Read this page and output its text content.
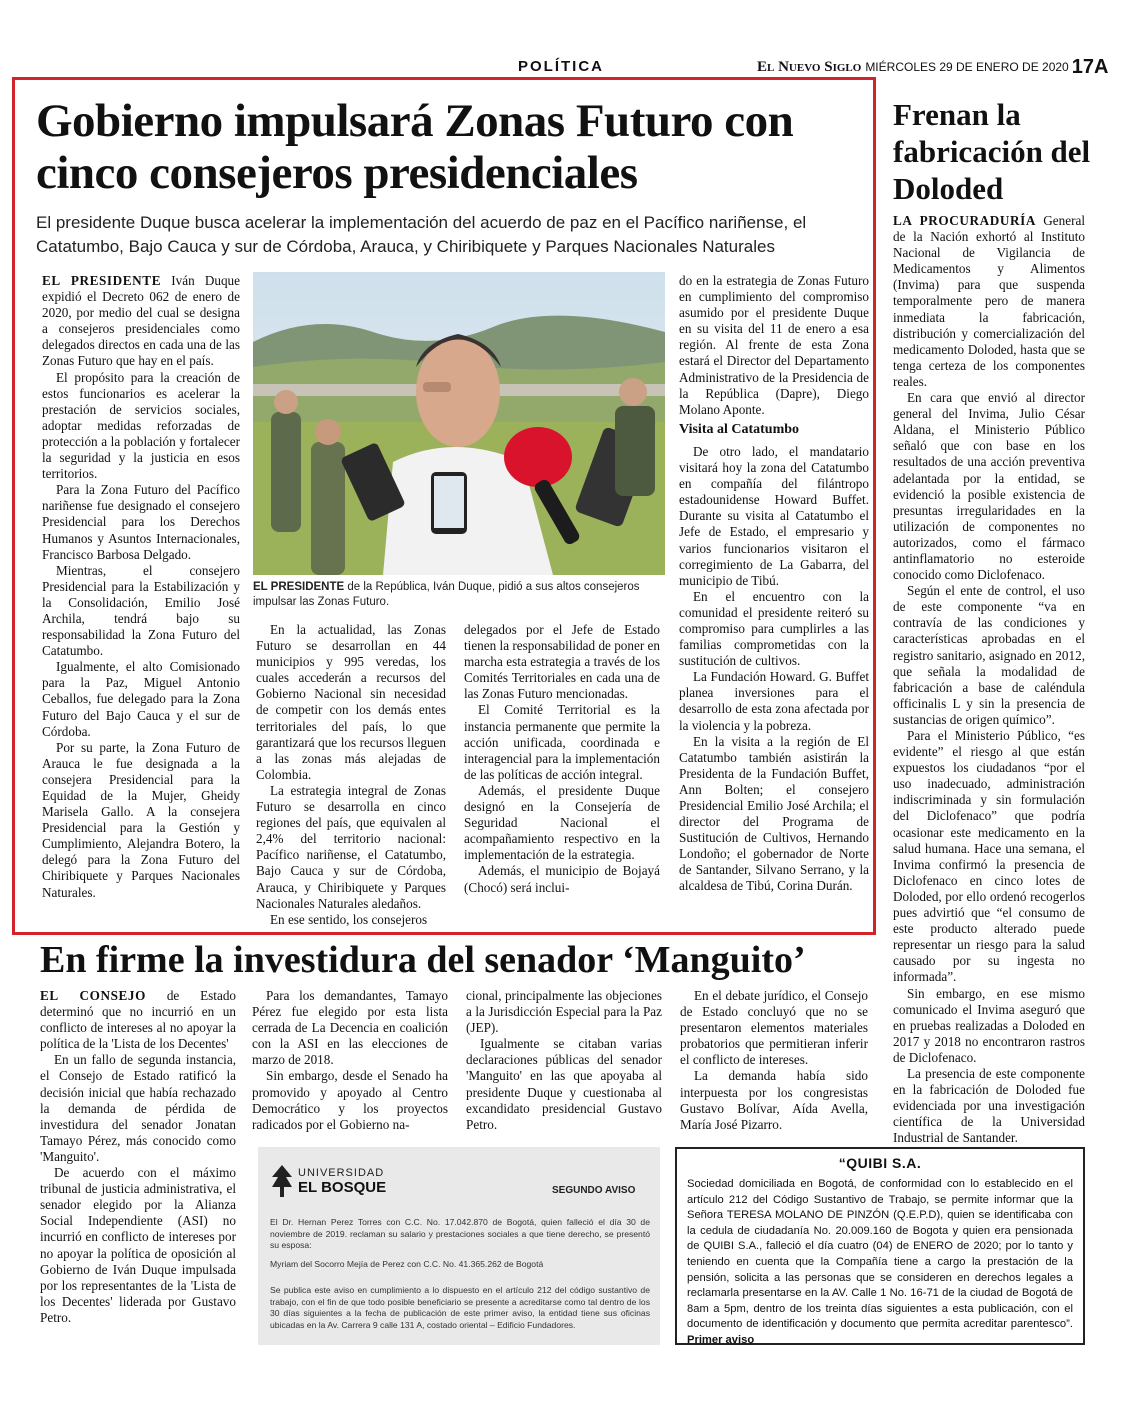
POLÍTICA	El Nuevo Siglo MIÉRCOLES 29 DE ENERO DE 2020 17A
Gobierno impulsará Zonas Futuro con cinco consejeros presidenciales
El presidente Duque busca acelerar la implementación del acuerdo de paz en el Pacífico nariñense, el Catatumbo, Bajo Cauca y sur de Córdoba, Arauca, y Chiribiquete y Parques Nacionales Naturales

EL PRESIDENTE Iván Duque expidió el Decreto 062 de enero de 2020, por medio del cual se designa a consejeros presidenciales como delegados directos en cada una de las Zonas Futuro que hay en el país.

El propósito para la creación de estos funcionarios es acelerar la prestación de servicios sociales, adoptar medidas reforzadas de protección a la población y fortalecer la seguridad y la justicia en esos territorios.

Para la Zona Futuro del Pacífico nariñense fue designado el consejero Presidencial para los Derechos Humanos y Asuntos Internacionales, Francisco Barbosa Delgado.

Mientras, el consejero Presidencial para la Estabilización y la Consolidación, Emilio José Archila, tendrá bajo su responsabilidad la Zona Futuro del Catatumbo.

Igualmente, el alto Comisionado para la Paz, Miguel Antonio Ceballos, fue delegado para la Zona Futuro del Bajo Cauca y el sur de Córdoba.

Por su parte, la Zona Futuro de Arauca le fue designada a la consejera Presidencial para la Equidad de la Mujer, Gheidy Marisela Gallo. A la consejera Presidencial para la Gestión y Cumplimiento, Alejandra Botero, la delegó para la Zona Futuro del Chiribiquete y Parques Nacionales Naturales.

EL PRESIDENTE de la República, Iván Duque, pidió a sus altos consejeros impulsar las Zonas Futuro.

En la actualidad, las Zonas Futuro se desarrollan en 44 municipios y 995 veredas, los cuales accederán a recursos del Gobierno Nacional sin necesidad de competir con los demás entes territoriales del país, lo que garantizará que los recursos lleguen a las zonas más alejadas de Colombia.

La estrategia integral de Zonas Futuro se desarrolla en cinco regiones del país, que equivalen al 2,4% del territorio nacional: Pacífico nariñense, el Catatumbo, Bajo Cauca y sur de Córdoba, Arauca, y Chiribiquete y Parques Nacionales Naturales aledaños.

En ese sentido, los consejeros

delegados por el Jefe de Estado tienen la responsabilidad de poner en marcha esta estrategia a través de los Comités Territoriales en cada una de las Zonas Futuro mencionadas.

El Comité Territorial es la instancia permanente que permite la acción unificada, coordinada e interagencial para la implementación de las políticas de acción integral.

Además, el presidente Duque designó en la Consejería de Seguridad Nacional el acompañamiento respectivo en la implementación de la estrategia.

Además, el municipio de Bojayá (Chocó) será inclui-

do en la estrategia de Zonas Futuro en cumplimiento del compromiso asumido por el presidente Duque en su visita del 11 de enero a esa región. Al frente de esta Zona estará el Director del Departamento Administrativo de la Presidencia de la República (Dapre), Diego Molano Aponte.

Visita al Catatumbo

De otro lado, el mandatario visitará hoy la zona del Catatumbo en compañía del filántropo estadounidense Howard Buffet. Durante su visita al Catatumbo el Jefe de Estado, el empresario y varios funcionarios visitaron el corregimiento de La Gabarra, del municipio de Tibú.

En el encuentro con la comunidad el presidente reiteró su compromiso para cumplirles a las familias comprometidas con la sustitución de cultivos.

La Fundación Howard. G. Buffet planea inversiones para el desarrollo de esta zona afectada por la violencia y la pobreza.

En la visita a la región de El Catatumbo también asistirán la Presidenta de la Fundación Buffet, Ann Bolten; el consejero Presidencial Emilio José Archila; el director del Programa de Sustitución de Cultivos, Hernando Londoño; el gobernador de Norte de Santander, Silvano Serrano, y la alcaldesa de Tibú, Corina Durán.

Frenan la fabricación del Doloded

LA PROCURADURÍA General de la Nación exhortó al Instituto Nacional de Vigilancia de Medicamentos y Alimentos (Invima) para que suspenda temporalmente pero de manera inmediata la fabricación, distribución y comercialización del medicamento Doloded, hasta que se tenga certeza de los componentes reales.

En cara que envió al director general del Invima, Julio César Aldana, el Ministerio Público señaló que con base en los resultados de una acción preventiva adelantada por la entidad, se evidenció la posible existencia de presuntas irregularidades en la utilización de componentes no autorizados, como el fármaco antinflamatorio no esteroide conocido como Diclofenaco.

Según el ente de control, el uso de este componente “va en contravía de las condiciones y características aprobadas en el registro sanitario, asignado en 2012, que señala la modalidad de fabricación a base de caléndula officinalis L y sin la presencia de sustancias de origen químico”.

Para el Ministerio Público, “es evidente” el riesgo al que están expuestos los ciudadanos “por el uso inadecuado, administración indiscriminada y sin formulación del Diclofenaco” que podría ocasionar este medicamento en la salud humana. Hace una semana, el Invima confirmó la presencia de Diclofenaco en cinco lotes de Doloded, por ello ordenó recogerlos pues advirtió que “el consumo de este producto alterado puede representar un riesgo para la salud causado por su ingesta no informada”.

Sin embargo, en ese mismo comunicado el Invima aseguró que en pruebas realizadas a Doloded en 2017 y 2018 no encontraron rastros de Diclofenaco.

La presencia de este componente en la fabricación de Doloded fue evidenciada por una investigación científica de la Universidad Industrial de Santander.

En firme la investidura del senador ‘Manguito’

EL CONSEJO de Estado determinó que no incurrió en un conflicto de intereses al no apoyar la política de la 'Lista de los Decentes'

En un fallo de segunda instancia, el Consejo de Estado ratificó la decisión inicial que había rechazado la demanda de pérdida de investidura del senador Jonatan Tamayo Pérez, más conocido como 'Manguito'.

De acuerdo con el máximo tribunal de justicia administrativa, el senador elegido por la Alianza Social Independiente (ASI) no incurrió en conflicto de intereses por no apoyar la política de oposición al Gobierno de Iván Duque impulsada por los representantes de la 'Lista de los Decentes' liderada por Gustavo Petro.

Para los demandantes, Tamayo Pérez fue elegido por esta lista cerrada de La Decencia en coalición con la ASI en las elecciones de marzo de 2018.

Sin embargo, desde el Senado ha promovido y apoyado al Centro Democrático y los proyectos radicados por el Gobierno na-

cional, principalmente las objeciones a la Jurisdicción Especial para la Paz (JEP).

Igualmente se citaban varias declaraciones públicas del senador 'Manguito' en las que apoyaba al presidente Duque y cuestionaba al excandidato presidencial Gustavo Petro.

En el debate jurídico, el Consejo de Estado concluyó que no se presentaron elementos materiales probatorios que permitieran inferir el conflicto de intereses.

La demanda había sido interpuesta por los congresistas Gustavo Bolívar, Aída Avella, María José Pizarro.

UNIVERSIDAD
EL BOSQUE	SEGUNDO AVISO
El Dr. Hernan Perez Torres con C.C. No. 17.042.870 de Bogotá, quien falleció el día 30 de noviembre de 2019. reclaman su salario y prestaciones sociales a que tiene derecho, se presentó su esposa:
Myriam del Socorro Mejía de Perez con C.C. No. 41.365.262 de Bogotá
Se publica este aviso en cumplimiento a lo dispuesto en el artículo 212 del código sustantivo de trabajo, con el fin de que todo posible beneficiario se presente a acreditarse como tal dentro de los 30 días siguientes a la fecha de publicación de este primer aviso, la entidad tiene sus oficinas ubicadas en la Av. Carrera 9 calle 131 A, costado oriental – Edificio Fundadores.
“QUIBI S.A.
Sociedad domiciliada en Bogotá, de conformidad con lo establecido en el artículo 212 del Código Sustantivo de Trabajo, se permite informar que la Señora TERESA MOLANO DE PINZÓN (Q.E.P.D), quien se identificaba con la cedula de ciudadanía No. 20.009.160 de Bogota y quien era pensionada de QUIBI S.A., falleció el día cuatro (04) de ENERO de 2020; por lo tanto y teniendo en cuenta que la Compañía tiene a cargo la prestación de la pensión, solicita a las personas que se consideren en derechos legales a reclamarla presentarse en la AV. Calle 1 No. 16-71 de la ciudad de Bogotá de 8am a 5pm, dentro de los treinta días siguientes a esta publicación, con el documento de identificación y documento que permita acreditar parentesco”. Primer aviso
